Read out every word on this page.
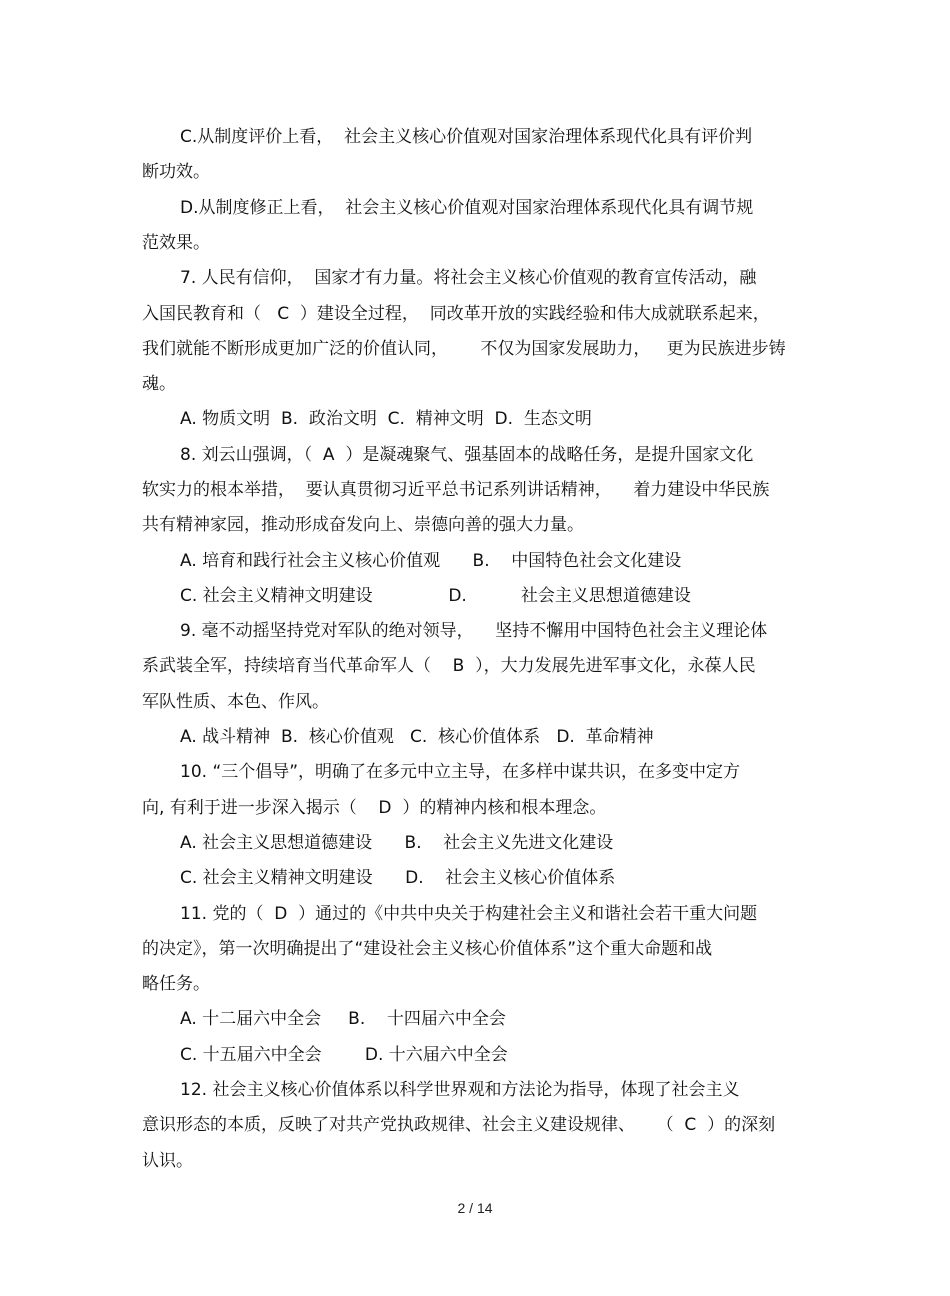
C.从制度评价上看，  社会主义核心价值观对国家治理体系现代化具有评价判
断功效。
D.从制度修正上看，  社会主义核心价值观对国家治理体系现代化具有调节规
范效果。
7. 人民有信仰，  国家才有力量。将社会主义核心价值观的教育宣传活动，融
入国民教育和（   C  ）建设全过程，  同改革开放的实践经验和伟大成就联系起来，
我们就能不断形成更加广泛的价值认同，      不仅为国家发展助力，   更为民族进步铸
魂。
A. 物质文明  B.  政治文明  C.  精神文明  D.  生态文明
8. 刘云山强调，（  A  ）是凝魂聚气、强基固本的战略任务，是提升国家文化
软实力的根本举措，  要认真贯彻习近平总书记系列讲话精神，    着力建设中华民族
共有精神家园，推动形成奋发向上、崇德向善的强大力量。
A. 培育和践行社会主义核心价值观      B.    中国特色社会文化建设
C. 社会主义精神文明建设              D.          社会主义思想道德建设
9. 毫不动摇坚持党对军队的绝对领导，    坚持不懈用中国特色社会主义理论体
系武装全军，持续培育当代革命军人（    B  ），大力发展先进军事文化，永葆人民
军队性质、本色、作风。
A. 战斗精神  B.  核心价值观   C.  核心价值体系   D.  革命精神
10. “三个倡导”，明确了在多元中立主导，在多样中谋共识，在多变中定方
向, 有利于进一步深入揭示（    D  ）的精神内核和根本理念。
A. 社会主义思想道德建设      B.    社会主义先进文化建设
C. 社会主义精神文明建设      D.    社会主义核心价值体系
11. 党的（  D  ）通过的《中共中央关于构建社会主义和谐社会若干重大问题
的决定》，第一次明确提出了“建设社会主义核心价值体系”这个重大命题和战
略任务。
A. 十二届六中全会     B.    十四届六中全会
C. 十五届六中全会        D. 十六届六中全会
12. 社会主义核心价值体系以科学世界观和方法论为指导，体现了社会主义
意识形态的本质，反映了对共产党执政规律、社会主义建设规律、    （  C  ）的深刻
认识。
2 / 14
